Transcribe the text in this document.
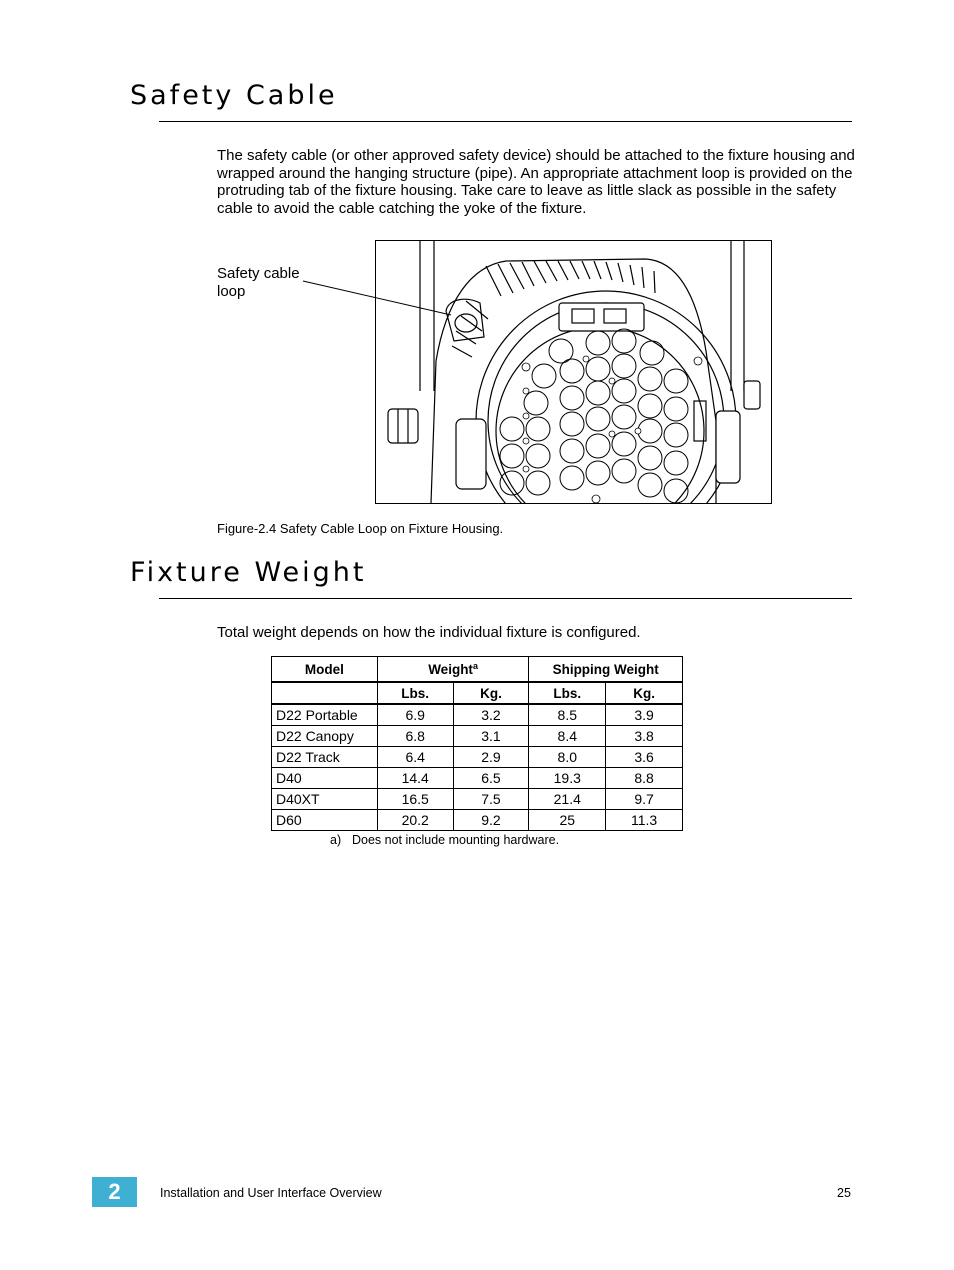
Safety Cable

The safety cable (or other approved safety device) should be attached to the fixture housing and wrapped around the hanging structure (pipe). An appropriate attachment loop is provided on the protruding tab of the fixture housing. Take care to leave as little slack as possible in the safety cable to avoid the cable catching the yoke of the fixture.

Safety cable
loop
Figure-2.4 Safety Cable Loop on Fixture Housing.
Fixture Weight

Total weight depends on how the individual fixture is configured.

Model	Weight$^a$		Shipping Weight	
	Lbs.	Kg.	Lbs.	Kg.
D22 Portable	6.9	3.2	8.5	3.9
D22 Canopy	6.8	3.1	8.4	3.8
D22 Track	6.4	2.9	8.0	3.6
D40	14.4	6.5	19.3	8.8
D40XT	16.5	7.5	21.4	9.7
D60	20.2	9.2	25	11.3
a) Does not include mounting hardware.
2	Installation and User Interface Overview	25
